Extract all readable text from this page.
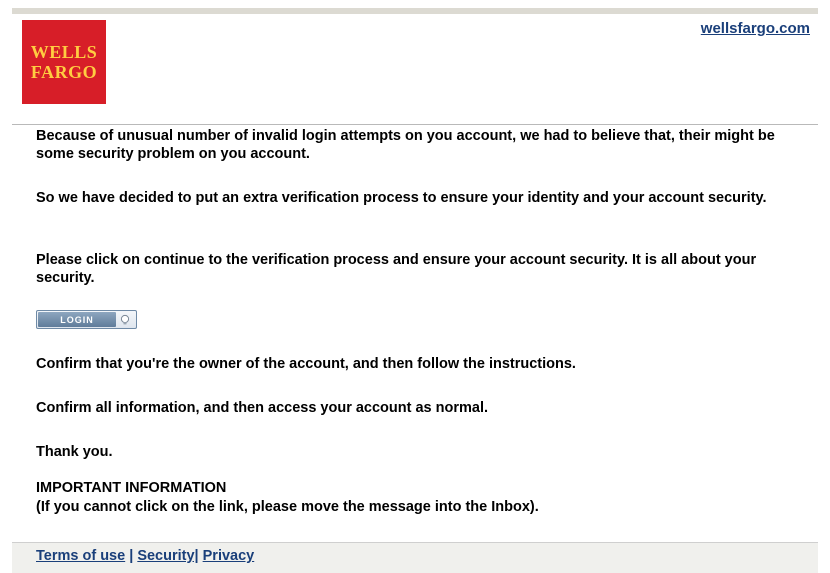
WELLS
FARGO
wellsfargo.com

Because of unusual number of invalid login attempts on you account, we had to believe that, their might be some security problem on you account.

So we have decided to put an extra verification process to ensure your identity and your account security.

Please click on continue to the verification process and ensure your account security. It is all about your security.

LOGIN

Confirm that you're the owner of the account, and then follow the instructions.

Confirm all information, and then access your account as normal.

Thank you.

IMPORTANT INFORMATION

(If you cannot click on the link, please move the message into the Inbox).

Terms of use | Security| Privacy
